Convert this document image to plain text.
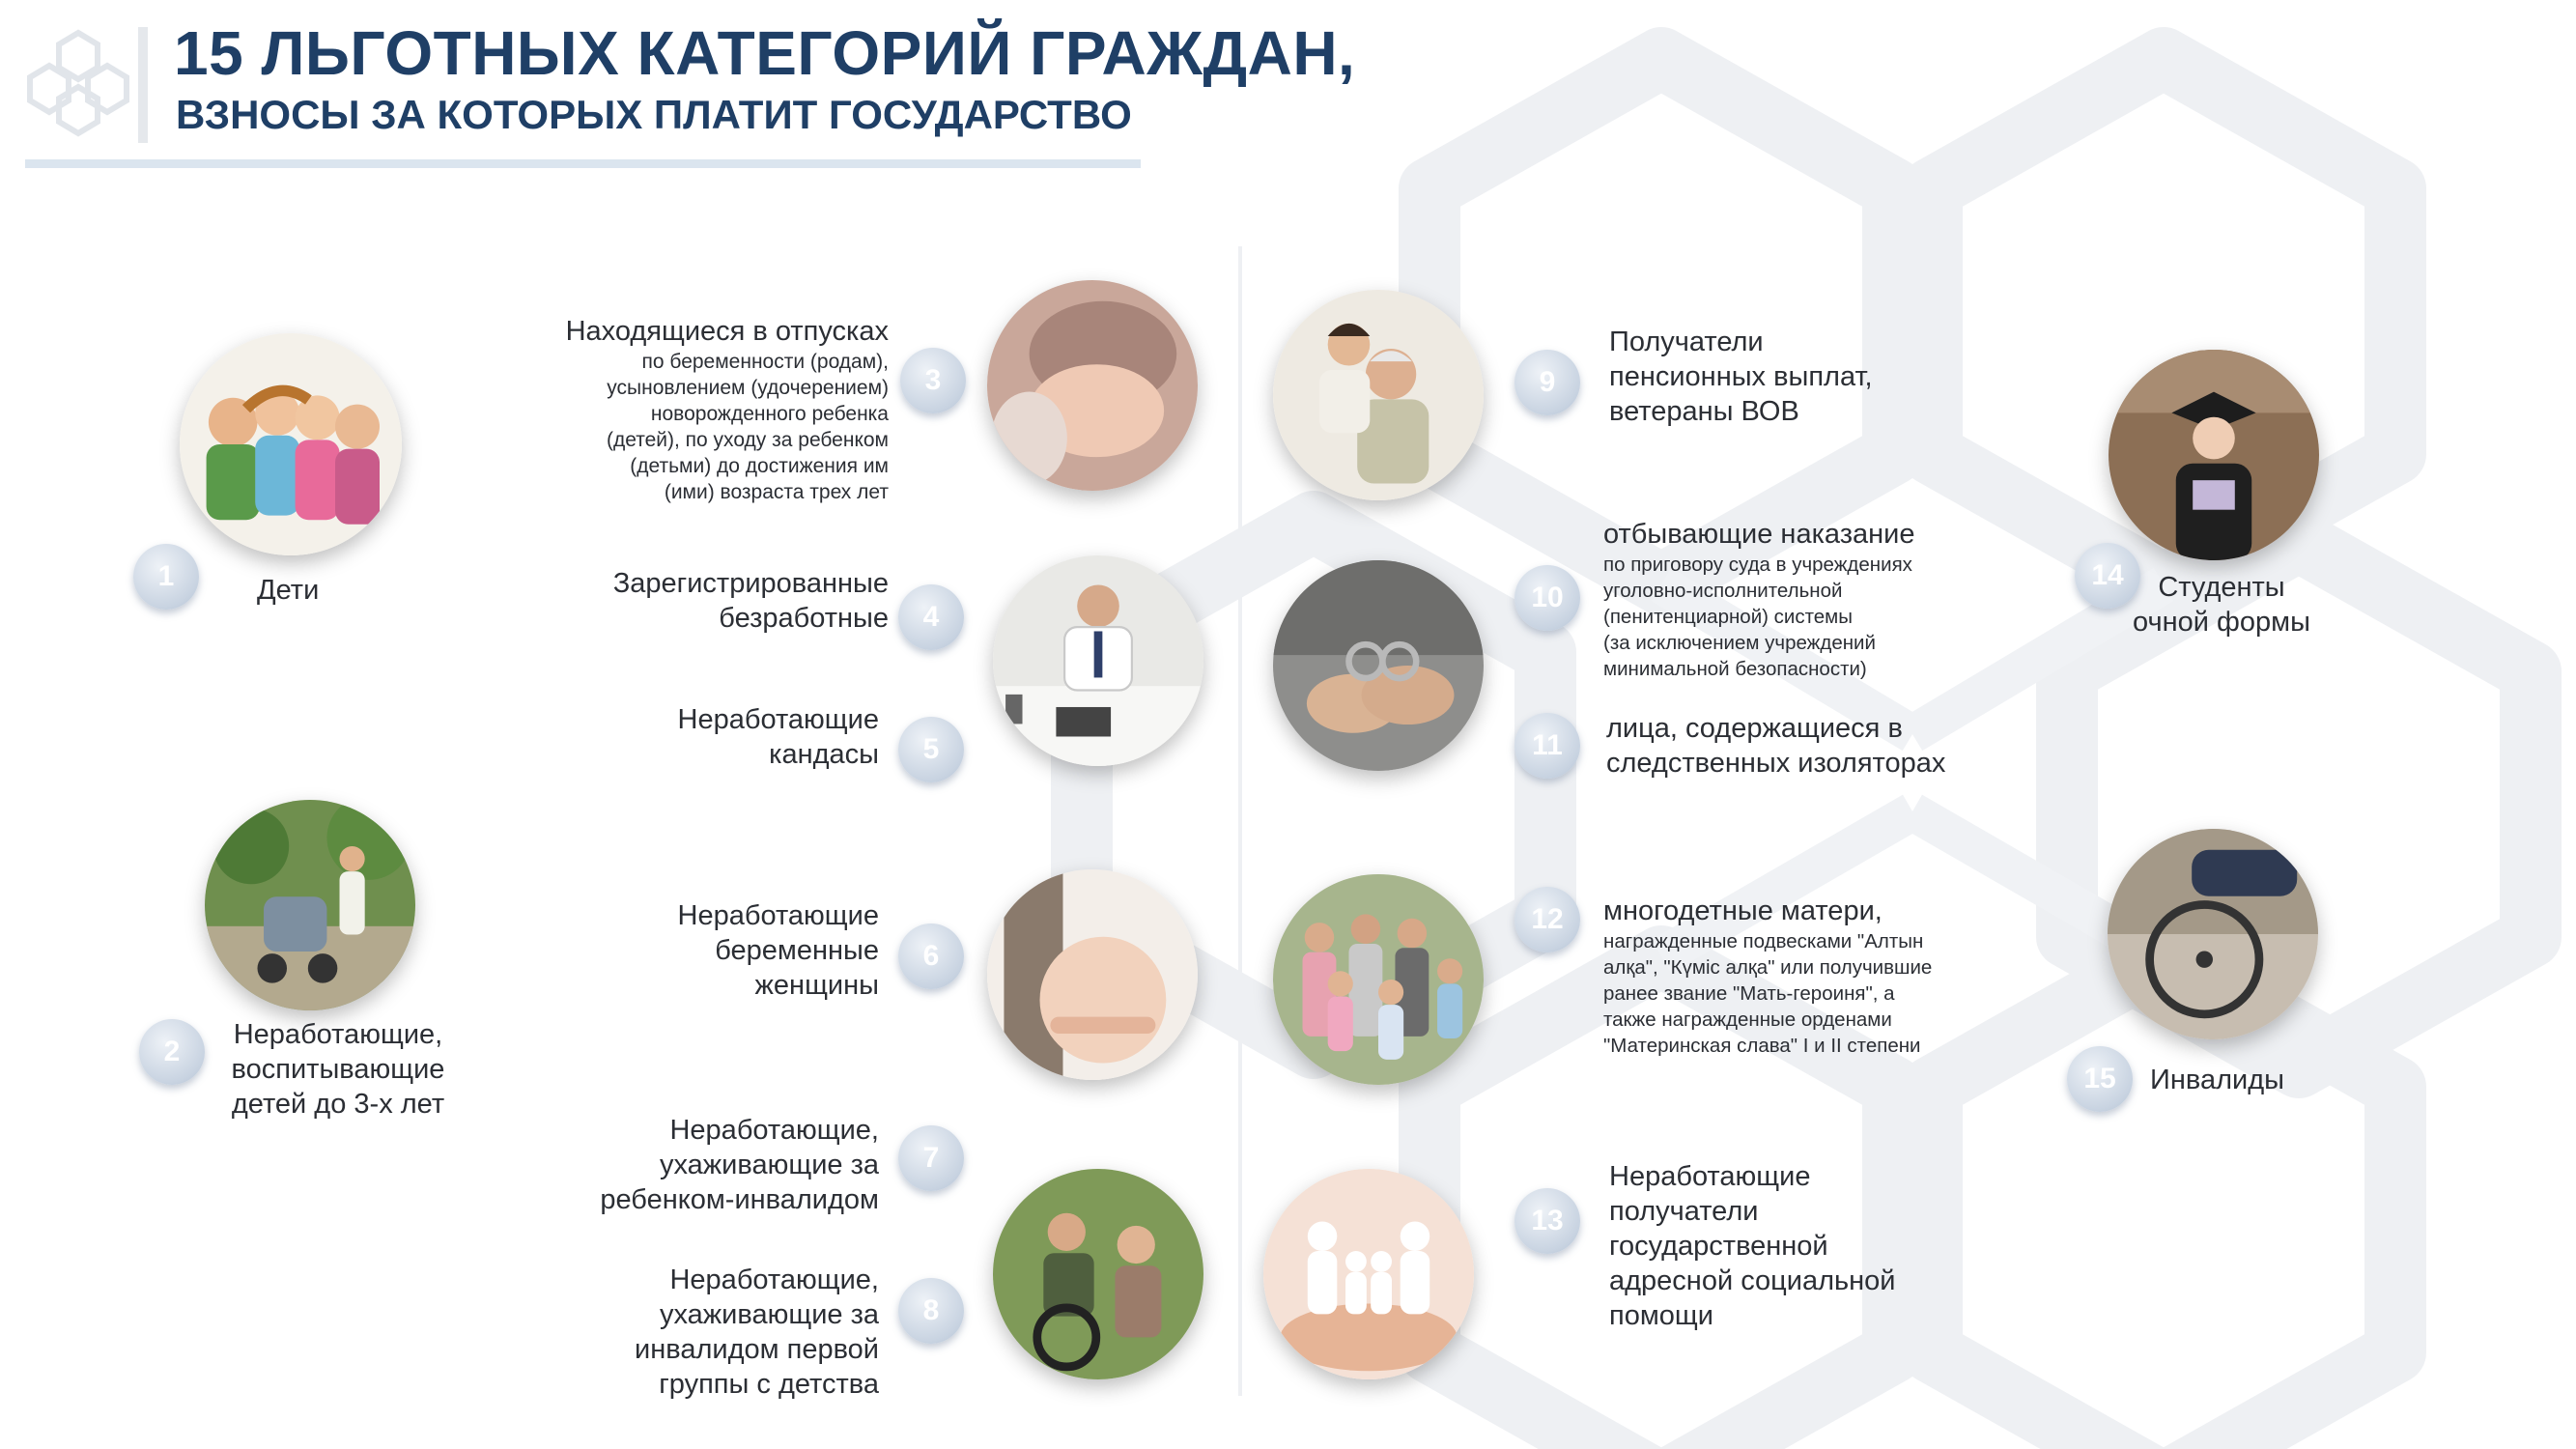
15 ЛЬГОТНЫХ КАТЕГОРИЙ ГРАЖДАН,
ВЗНОСЫ ЗА КОТОРЫХ ПЛАТИТ ГОСУДАРСТВО
1	Дети
2
Неработающие,
воспитывающие
детей до 3-х лет
Находящиеся в отпусках
по беременности (родам),
усыновлением (удочерением)
новорожденного ребенка
(детей), по уходу за ребенком
(детьми) до достижения им
(ими) возраста трех лет
3
Зарегистрированные
безработные	4
Неработающие
кандасы	5
Неработающие
беременные
женщины
6
Неработающие,
ухаживающие за
ребенком-инвалидом
7
Неработающие,
ухаживающие за
инвалидом первой
группы с детства
8
9
Получатели
пенсионных выплат,
ветераны ВОВ
10
отбывающие наказание
по приговору суда в учреждениях
уголовно-исполнительной
(пенитенциарной) системы
(за исключением учреждений
минимальной безопасности)
11
лица, содержащиеся в
следственных изоляторах
12	многодетные матери,
награжденные подвесками "Алтын
алқа", "Күміс алқа" или получившие
ранее звание "Мать-героиня", а
также награжденные орденами
"Материнская слава" I и II степени
13
Неработающие
получатели
государственной
адресной социальной
помощи
14	Студенты
очной формы
15	Инвалиды
